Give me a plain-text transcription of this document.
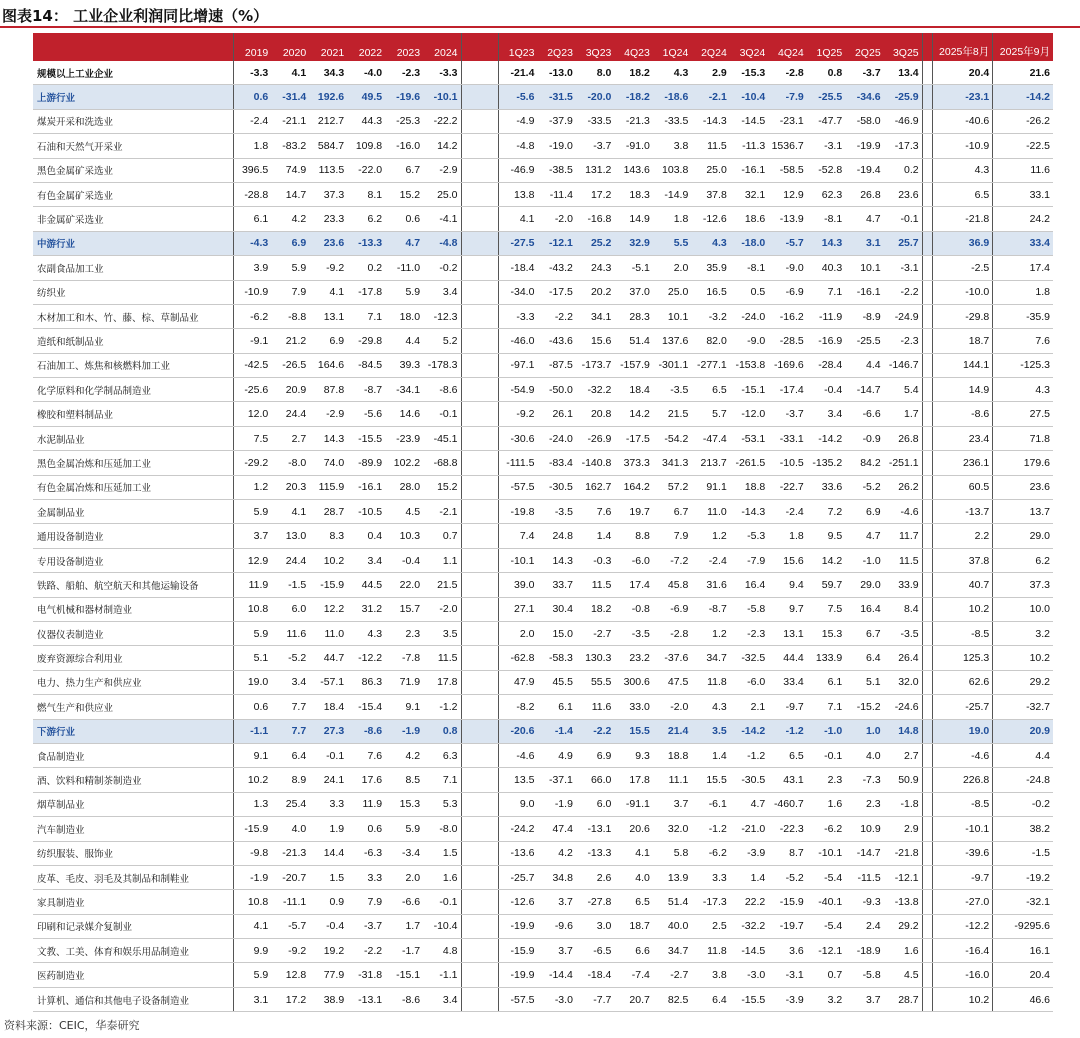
图表14： 工业企业利润同比增速（%）
	2019	2020	2021	2022	2023	2024		1Q23	2Q23	3Q23	4Q23	1Q24	2Q24	3Q24	4Q24	1Q25	2Q25	3Q25		2025年8月	2025年9月
规模以上工业企业	-3.3	4.1	34.3	-4.0	-2.3	-3.3		-21.4	-13.0	8.0	18.2	4.3	2.9	-15.3	-2.8	0.8	-3.7	13.4		20.4	21.6
上游行业	0.6	-31.4	192.6	49.5	-19.6	-10.1		-5.6	-31.5	-20.0	-18.2	-18.6	-2.1	-10.4	-7.9	-25.5	-34.6	-25.9		-23.1	-14.2
煤炭开采和洗选业	-2.4	-21.1	212.7	44.3	-25.3	-22.2		-4.9	-37.9	-33.5	-21.3	-33.5	-14.3	-14.5	-23.1	-47.7	-58.0	-46.9		-40.6	-26.2
石油和天然气开采业	1.8	-83.2	584.7	109.8	-16.0	14.2		-4.8	-19.0	-3.7	-91.0	3.8	11.5	-11.3	1536.7	-3.1	-19.9	-17.3		-10.9	-22.5
黑色金属矿采选业	396.5	74.9	113.5	-22.0	6.7	-2.9		-46.9	-38.5	131.2	143.6	103.8	25.0	-16.1	-58.5	-52.8	-19.4	0.2		4.3	11.6
有色金属矿采选业	-28.8	14.7	37.3	8.1	15.2	25.0		13.8	-11.4	17.2	18.3	-14.9	37.8	32.1	12.9	62.3	26.8	23.6		6.5	33.1
非金属矿采选业	6.1	4.2	23.3	6.2	0.6	-4.1		4.1	-2.0	-16.8	14.9	1.8	-12.6	18.6	-13.9	-8.1	4.7	-0.1		-21.8	24.2
中游行业	-4.3	6.9	23.6	-13.3	4.7	-4.8		-27.5	-12.1	25.2	32.9	5.5	4.3	-18.0	-5.7	14.3	3.1	25.7		36.9	33.4
农副食品加工业	3.9	5.9	-9.2	0.2	-11.0	-0.2		-18.4	-43.2	24.3	-5.1	2.0	35.9	-8.1	-9.0	40.3	10.1	-3.1		-2.5	17.4
纺织业	-10.9	7.9	4.1	-17.8	5.9	3.4		-34.0	-17.5	20.2	37.0	25.0	16.5	0.5	-6.9	7.1	-16.1	-2.2		-10.0	1.8
木材加工和木、竹、藤、棕、草制品业	-6.2	-8.8	13.1	7.1	18.0	-12.3		-3.3	-2.2	34.1	28.3	10.1	-3.2	-24.0	-16.2	-11.9	-8.9	-24.9		-29.8	-35.9
造纸和纸制品业	-9.1	21.2	6.9	-29.8	4.4	5.2		-46.0	-43.6	15.6	51.4	137.6	82.0	-9.0	-28.5	-16.9	-25.5	-2.3		18.7	7.6
石油加工、炼焦和核燃料加工业	-42.5	-26.5	164.6	-84.5	39.3	-178.3		-97.1	-87.5	-173.7	-157.9	-301.1	-277.1	-153.8	-169.6	-28.4	4.4	-146.7		144.1	-125.3
化学原料和化学制品制造业	-25.6	20.9	87.8	-8.7	-34.1	-8.6		-54.9	-50.0	-32.2	18.4	-3.5	6.5	-15.1	-17.4	-0.4	-14.7	5.4		14.9	4.3
橡胶和塑料制品业	12.0	24.4	-2.9	-5.6	14.6	-0.1		-9.2	26.1	20.8	14.2	21.5	5.7	-12.0	-3.7	3.4	-6.6	1.7		-8.6	27.5
水泥制品业	7.5	2.7	14.3	-15.5	-23.9	-45.1		-30.6	-24.0	-26.9	-17.5	-54.2	-47.4	-53.1	-33.1	-14.2	-0.9	26.8		23.4	71.8
黑色金属冶炼和压延加工业	-29.2	-8.0	74.0	-89.9	102.2	-68.8		-111.5	-83.4	-140.8	373.3	341.3	213.7	-261.5	-10.5	-135.2	84.2	-251.1		236.1	179.6
有色金属冶炼和压延加工业	1.2	20.3	115.9	-16.1	28.0	15.2		-57.5	-30.5	162.7	164.2	57.2	91.1	18.8	-22.7	33.6	-5.2	26.2		60.5	23.6
金属制品业	5.9	4.1	28.7	-10.5	4.5	-2.1		-19.8	-3.5	7.6	19.7	6.7	11.0	-14.3	-2.4	7.2	6.9	-4.6		-13.7	13.7
通用设备制造业	3.7	13.0	8.3	0.4	10.3	0.7		7.4	24.8	1.4	8.8	7.9	1.2	-5.3	1.8	9.5	4.7	11.7		2.2	29.0
专用设备制造业	12.9	24.4	10.2	3.4	-0.4	1.1		-10.1	14.3	-0.3	-6.0	-7.2	-2.4	-7.9	15.6	14.2	-1.0	11.5		37.8	6.2
铁路、船舶、航空航天和其他运输设备	11.9	-1.5	-15.9	44.5	22.0	21.5		39.0	33.7	11.5	17.4	45.8	31.6	16.4	9.4	59.7	29.0	33.9		40.7	37.3
电气机械和器材制造业	10.8	6.0	12.2	31.2	15.7	-2.0		27.1	30.4	18.2	-0.8	-6.9	-8.7	-5.8	9.7	7.5	16.4	8.4		10.2	10.0
仪器仪表制造业	5.9	11.6	11.0	4.3	2.3	3.5		2.0	15.0	-2.7	-3.5	-2.8	1.2	-2.3	13.1	15.3	6.7	-3.5		-8.5	3.2
废弃资源综合利用业	5.1	-5.2	44.7	-12.2	-7.8	11.5		-62.8	-58.3	130.3	23.2	-37.6	34.7	-32.5	44.4	133.9	6.4	26.4		125.3	10.2
电力、热力生产和供应业	19.0	3.4	-57.1	86.3	71.9	17.8		47.9	45.5	55.5	300.6	47.5	11.8	-6.0	33.4	6.1	5.1	32.0		62.6	29.2
燃气生产和供应业	0.6	7.7	18.4	-15.4	9.1	-1.2		-8.2	6.1	11.6	33.0	-2.0	4.3	2.1	-9.7	7.1	-15.2	-24.6		-25.7	-32.7
下游行业	-1.1	7.7	27.3	-8.6	-1.9	0.8		-20.6	-1.4	-2.2	15.5	21.4	3.5	-14.2	-1.2	-1.0	1.0	14.8		19.0	20.9
食品制造业	9.1	6.4	-0.1	7.6	4.2	6.3		-4.6	4.9	6.9	9.3	18.8	1.4	-1.2	6.5	-0.1	4.0	2.7		-4.6	4.4
酒、饮料和精制茶制造业	10.2	8.9	24.1	17.6	8.5	7.1		13.5	-37.1	66.0	17.8	11.1	15.5	-30.5	43.1	2.3	-7.3	50.9		226.8	-24.8
烟草制品业	1.3	25.4	3.3	11.9	15.3	5.3		9.0	-1.9	6.0	-91.1	3.7	-6.1	4.7	-460.7	1.6	2.3	-1.8		-8.5	-0.2
汽车制造业	-15.9	4.0	1.9	0.6	5.9	-8.0		-24.2	47.4	-13.1	20.6	32.0	-1.2	-21.0	-22.3	-6.2	10.9	2.9		-10.1	38.2
纺织服装、服饰业	-9.8	-21.3	14.4	-6.3	-3.4	1.5		-13.6	4.2	-13.3	4.1	5.8	-6.2	-3.9	8.7	-10.1	-14.7	-21.8		-39.6	-1.5
皮革、毛皮、羽毛及其制品和制鞋业	-1.9	-20.7	1.5	3.3	2.0	1.6		-25.7	34.8	2.6	4.0	13.9	3.3	1.4	-5.2	-5.4	-11.5	-12.1		-9.7	-19.2
家具制造业	10.8	-11.1	0.9	7.9	-6.6	-0.1		-12.6	3.7	-27.8	6.5	51.4	-17.3	22.2	-15.9	-40.1	-9.3	-13.8		-27.0	-32.1
印刷和记录媒介复制业	4.1	-5.7	-0.4	-3.7	1.7	-10.4		-19.9	-9.6	3.0	18.7	40.0	2.5	-32.2	-19.7	-5.4	2.4	29.2		-12.2	-9295.6
文教、工美、体育和娱乐用品制造业	9.9	-9.2	19.2	-2.2	-1.7	4.8		-15.9	3.7	-6.5	6.6	34.7	11.8	-14.5	3.6	-12.1	-18.9	1.6		-16.4	16.1
医药制造业	5.9	12.8	77.9	-31.8	-15.1	-1.1		-19.9	-14.4	-18.4	-7.4	-2.7	3.8	-3.0	-3.1	0.7	-5.8	4.5		-16.0	20.4
计算机、通信和其他电子设备制造业	3.1	17.2	38.9	-13.1	-8.6	3.4		-57.5	-3.0	-7.7	20.7	82.5	6.4	-15.5	-3.9	3.2	3.7	28.7		10.2	46.6
资料来源：CEIC，华泰研究
